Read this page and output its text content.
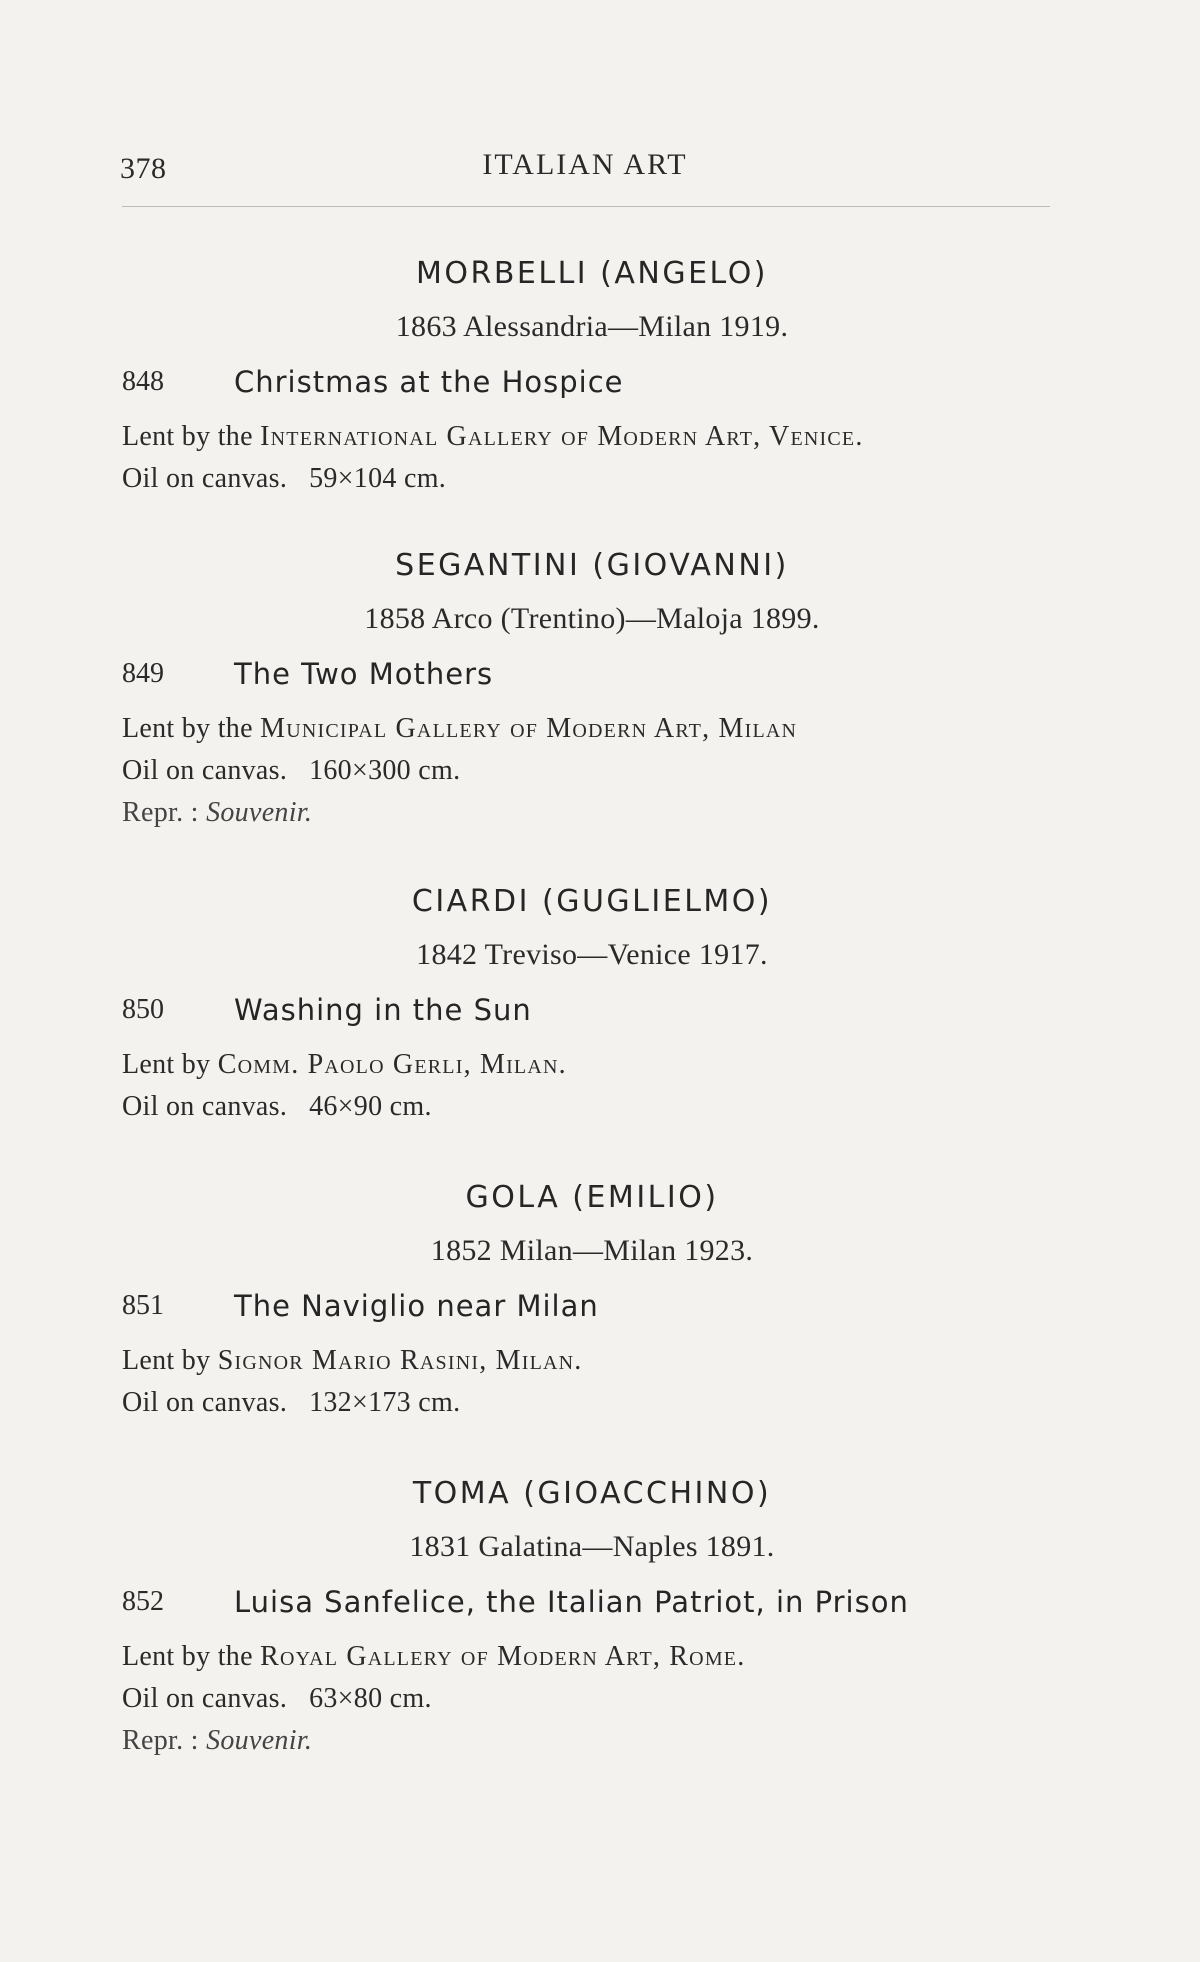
378	ITALIAN ART
MORBELLI (ANGELO)
1863 Alessandria—Milan 1919.
848 Christmas at the Hospice
Lent by the International Gallery of Modern Art, Venice.
Oil on canvas. 59×104 cm.
SEGANTINI (GIOVANNI)
1858 Arco (Trentino)—Maloja 1899.
849 The Two Mothers
Lent by the Municipal Gallery of Modern Art, Milan
Oil on canvas. 160×300 cm.
Repr. : Souvenir.
CIARDI (GUGLIELMO)
1842 Treviso—Venice 1917.
850 Washing in the Sun
Lent by Comm. Paolo Gerli, Milan.
Oil on canvas. 46×90 cm.
GOLA (EMILIO)
1852 Milan—Milan 1923.
851 The Naviglio near Milan
Lent by Signor Mario Rasini, Milan.
Oil on canvas. 132×173 cm.
TOMA (GIOACCHINO)
1831 Galatina—Naples 1891.
852 Luisa Sanfelice, the Italian Patriot, in Prison
Lent by the Royal Gallery of Modern Art, Rome.
Oil on canvas. 63×80 cm.
Repr. : Souvenir.
